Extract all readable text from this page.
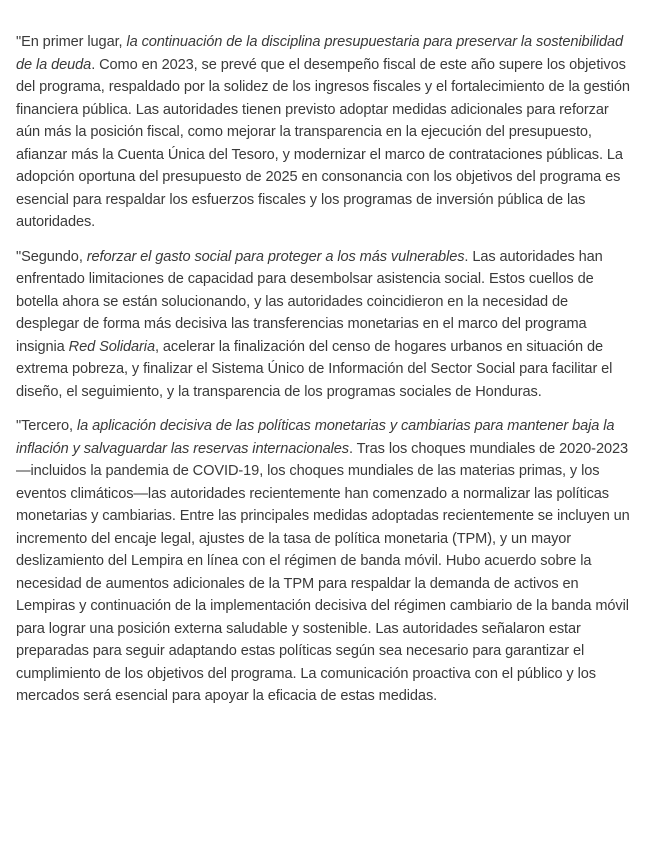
"En primer lugar, la continuación de la disciplina presupuestaria para preservar la sostenibilidad de la deuda. Como en 2023, se prevé que el desempeño fiscal de este año supere los objetivos del programa, respaldado por la solidez de los ingresos fiscales y el fortalecimiento de la gestión financiera pública. Las autoridades tienen previsto adoptar medidas adicionales para reforzar aún más la posición fiscal, como mejorar la transparencia en la ejecución del presupuesto, afianzar más la Cuenta Única del Tesoro, y modernizar el marco de contrataciones públicas. La adopción oportuna del presupuesto de 2025 en consonancia con los objetivos del programa es esencial para respaldar los esfuerzos fiscales y los programas de inversión pública de las autoridades.

"Segundo, reforzar el gasto social para proteger a los más vulnerables. Las autoridades han enfrentado limitaciones de capacidad para desembolsar asistencia social. Estos cuellos de botella ahora se están solucionando, y las autoridades coincidieron en la necesidad de desplegar de forma más decisiva las transferencias monetarias en el marco del programa insignia Red Solidaria, acelerar la finalización del censo de hogares urbanos en situación de extrema pobreza, y finalizar el Sistema Único de Información del Sector Social para facilitar el diseño, el seguimiento, y la transparencia de los programas sociales de Honduras.

"Tercero, la aplicación decisiva de las políticas monetarias y cambiarias para mantener baja la inflación y salvaguardar las reservas internacionales. Tras los choques mundiales de 2020-2023—incluidos la pandemia de COVID-19, los choques mundiales de las materias primas, y los eventos climáticos—las autoridades recientemente han comenzado a normalizar las políticas monetarias y cambiarias. Entre las principales medidas adoptadas recientemente se incluyen un incremento del encaje legal, ajustes de la tasa de política monetaria (TPM), y un mayor deslizamiento del Lempira en línea con el régimen de banda móvil. Hubo acuerdo sobre la necesidad de aumentos adicionales de la TPM para respaldar la demanda de activos en Lempiras y continuación de la implementación decisiva del régimen cambiario de la banda móvil para lograr una posición externa saludable y sostenible. Las autoridades señalaron estar preparadas para seguir adaptando estas políticas según sea necesario para garantizar el cumplimiento de los objetivos del programa. La comunicación proactiva con el público y los mercados será esencial para apoyar la eficacia de estas medidas.
